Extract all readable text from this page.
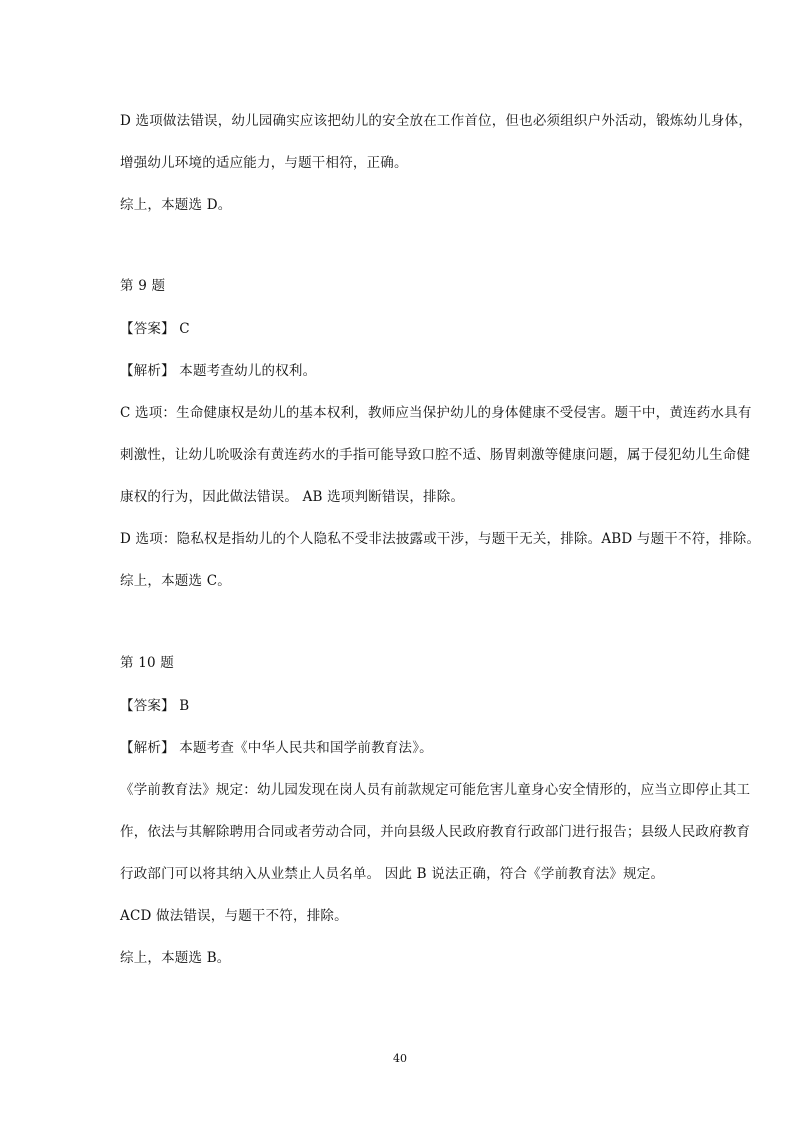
D 选项做法错误，幼儿园确实应该把幼儿的安全放在工作首位，但也必须组织户外活动，锻炼幼儿身体，
增强幼儿环境的适应能力，与题干相符，正确。
综上，本题选 D。
第 9 题
【答案】 C
【解析】 本题考查幼儿的权利。
C 选项：生命健康权是幼儿的基本权利，教师应当保护幼儿的身体健康不受侵害。题干中，黄连药水具有
刺激性，让幼儿吮吸涂有黄连药水的手指可能导致口腔不适、肠胃刺激等健康问题，属于侵犯幼儿生命健
康权的行为，因此做法错误。 AB 选项判断错误，排除。
D 选项：隐私权是指幼儿的个人隐私不受非法披露或干涉，与题干无关，排除。ABD 与题干不符，排除。
综上，本题选 C。
第 10 题
【答案】 B
【解析】 本题考查《中华人民共和国学前教育法》。
《学前教育法》规定：幼儿园发现在岗人员有前款规定可能危害儿童身心安全情形的，应当立即停止其工
作，依法与其解除聘用合同或者劳动合同，并向县级人民政府教育行政部门进行报告；县级人民政府教育
行政部门可以将其纳入从业禁止人员名单。 因此 B 说法正确，符合《学前教育法》规定。
ACD 做法错误，与题干不符，排除。
综上，本题选 B。
40
